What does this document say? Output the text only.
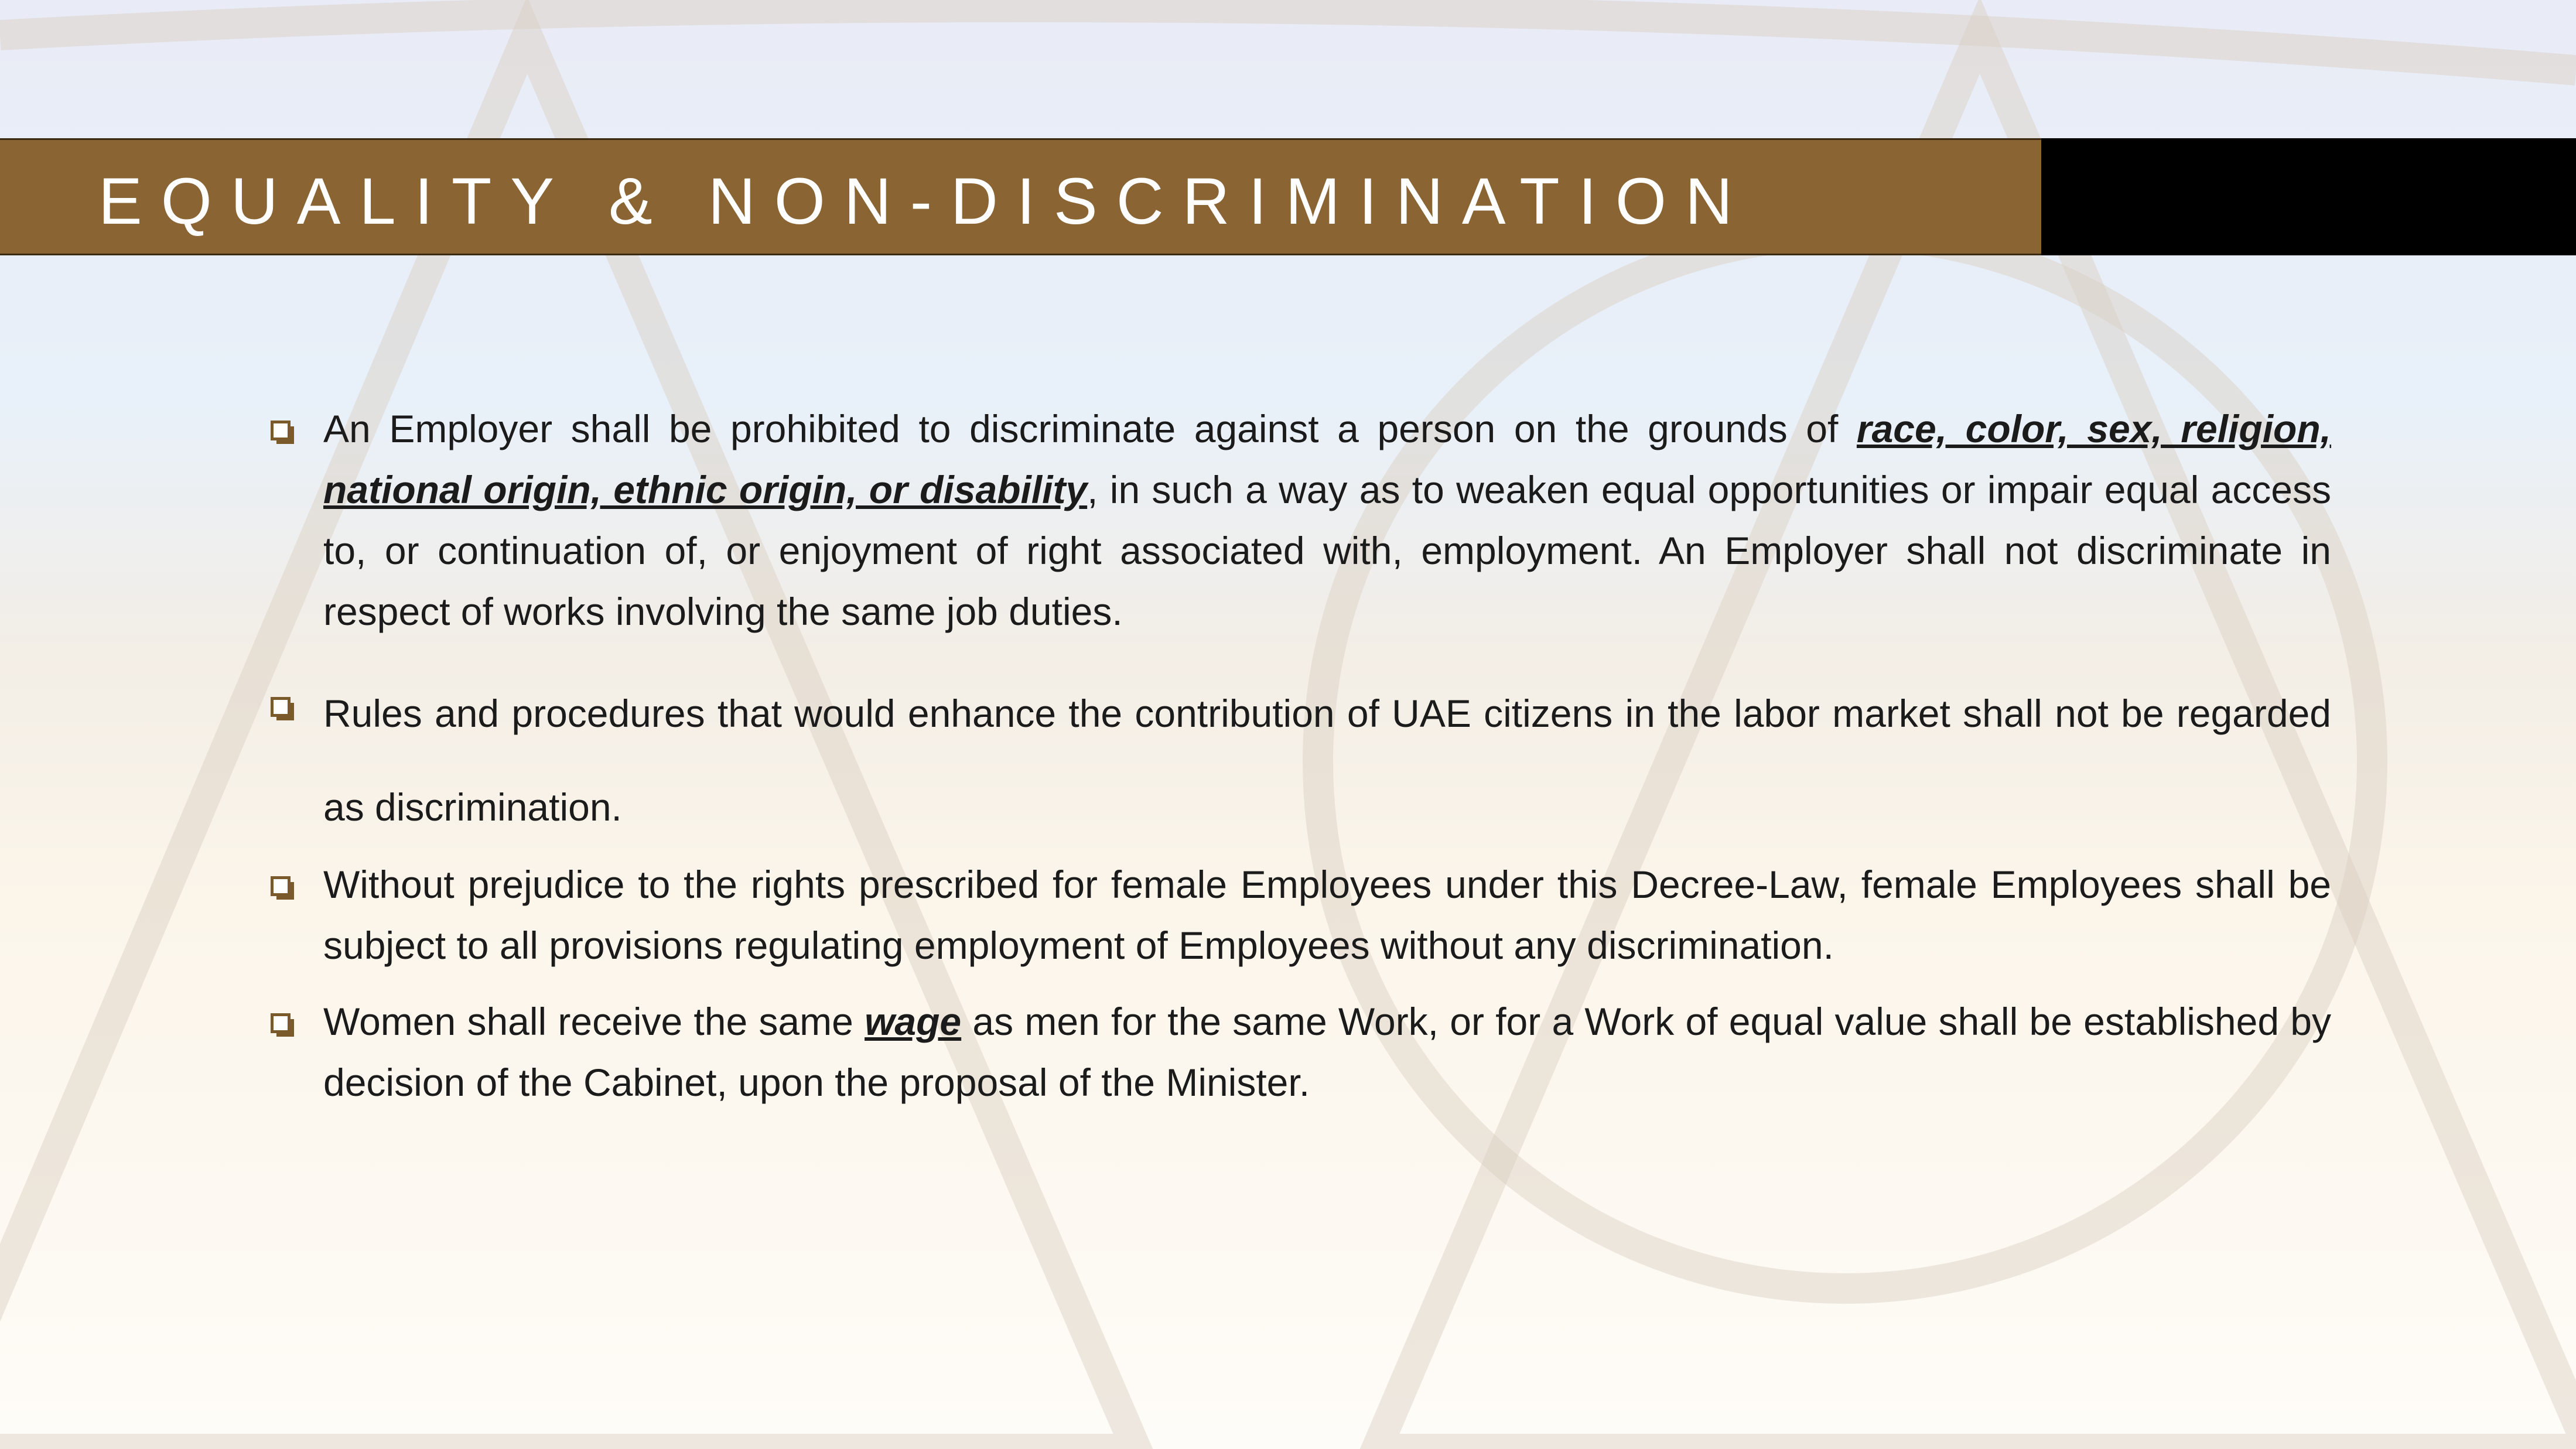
EQUALITY & NON-DISCRIMINATION
An Employer shall be prohibited to discriminate against a person on the grounds of race, color, sex, religion, national origin, ethnic origin, or disability, in such a way as to weaken equal opportunities or impair equal access to, or continuation of, or enjoyment of right associated with, employment. An Employer shall not discriminate in respect of works involving the same job duties.
Rules and procedures that would enhance the contribution of UAE citizens in the labor market shall not be regarded as discrimination.
Without prejudice to the rights prescribed for female Employees under this Decree-Law, female Employees shall be subject to all provisions regulating employment of Employees without any discrimination.
Women shall receive the same wage as men for the same Work, or for a Work of equal value shall be established by decision of the Cabinet, upon the proposal of the Minister.
